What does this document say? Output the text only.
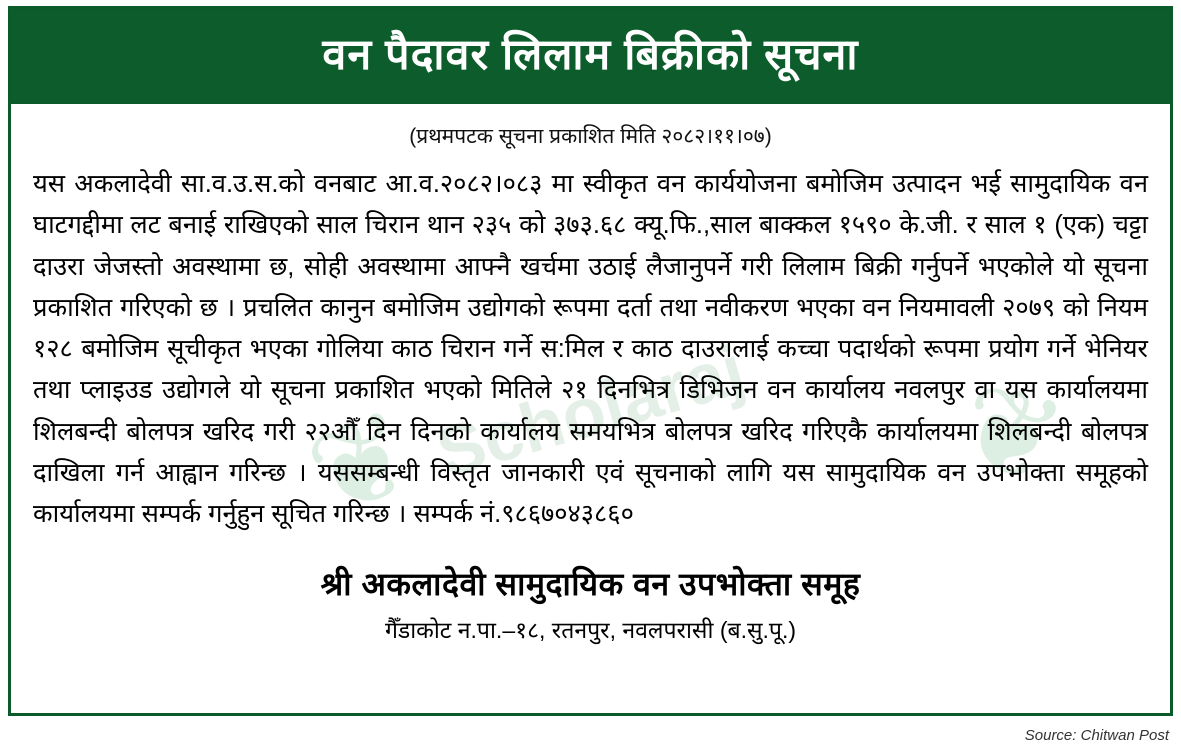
वन पैदावर लिलाम बिक्रीको सूचना
Scholaraj
❦	❦
(प्रथमपटक सूचना प्रकाशित मिति २०८२।११।०७)

यस अकलादेवी सा.व.उ.स.को वनबाट आ.व.२०८२।०८३ मा स्वीकृत वन कार्ययोजना बमोजिम उत्पादन भई सामुदायिक वन घाटगद्दीमा लट बनाई राखिएको साल चिरान थान २३५ को ३७३.६८ क्यू.फि.,साल बाक्कल १५९० के.जी. र साल १ (एक) चट्टा दाउरा जेजस्तो अवस्थामा छ, सोही अवस्थामा आफ्नै खर्चमा उठाई लैजानुपर्ने गरी लिलाम बिक्री गर्नुपर्ने भएकोले यो सूचना प्रकाशित गरिएको छ । प्रचलित कानुन बमोजिम उद्योगको रूपमा दर्ता तथा नवीकरण भएका वन नियमावली २०७९ को नियम १२८ बमोजिम सूचीकृत भएका गोलिया काठ चिरान गर्ने स:मिल र काठ दाउरालाई कच्चा पदार्थको रूपमा प्रयोग गर्ने भेनियर तथा प्लाइउड उद्योगले यो सूचना प्रकाशित भएको मितिले २१ दिनभित्र डिभिजन वन कार्यालय नवलपुर वा यस कार्यालयमा शिलबन्दी बोलपत्र खरिद गरी २२औँ दिन दिनको कार्यालय समयभित्र बोलपत्र खरिद गरिएकै कार्यालयमा शिलबन्दी बोलपत्र दाखिला गर्न आह्वान गरिन्छ । यससम्बन्धी विस्तृत जानकारी एवं सूचनाको लागि यस सामुदायिक वन उपभोक्ता समूहको कार्यालयमा सम्पर्क गर्नुहुन सूचित गरिन्छ । सम्पर्क नं.९८६७०४३८६०

श्री अकलादेवी सामुदायिक वन उपभोक्ता समूह
गैँडाकोट न.पा.–१८, रतनपुर, नवलपरासी (ब.सु.पू.)
Source: Chitwan Post
